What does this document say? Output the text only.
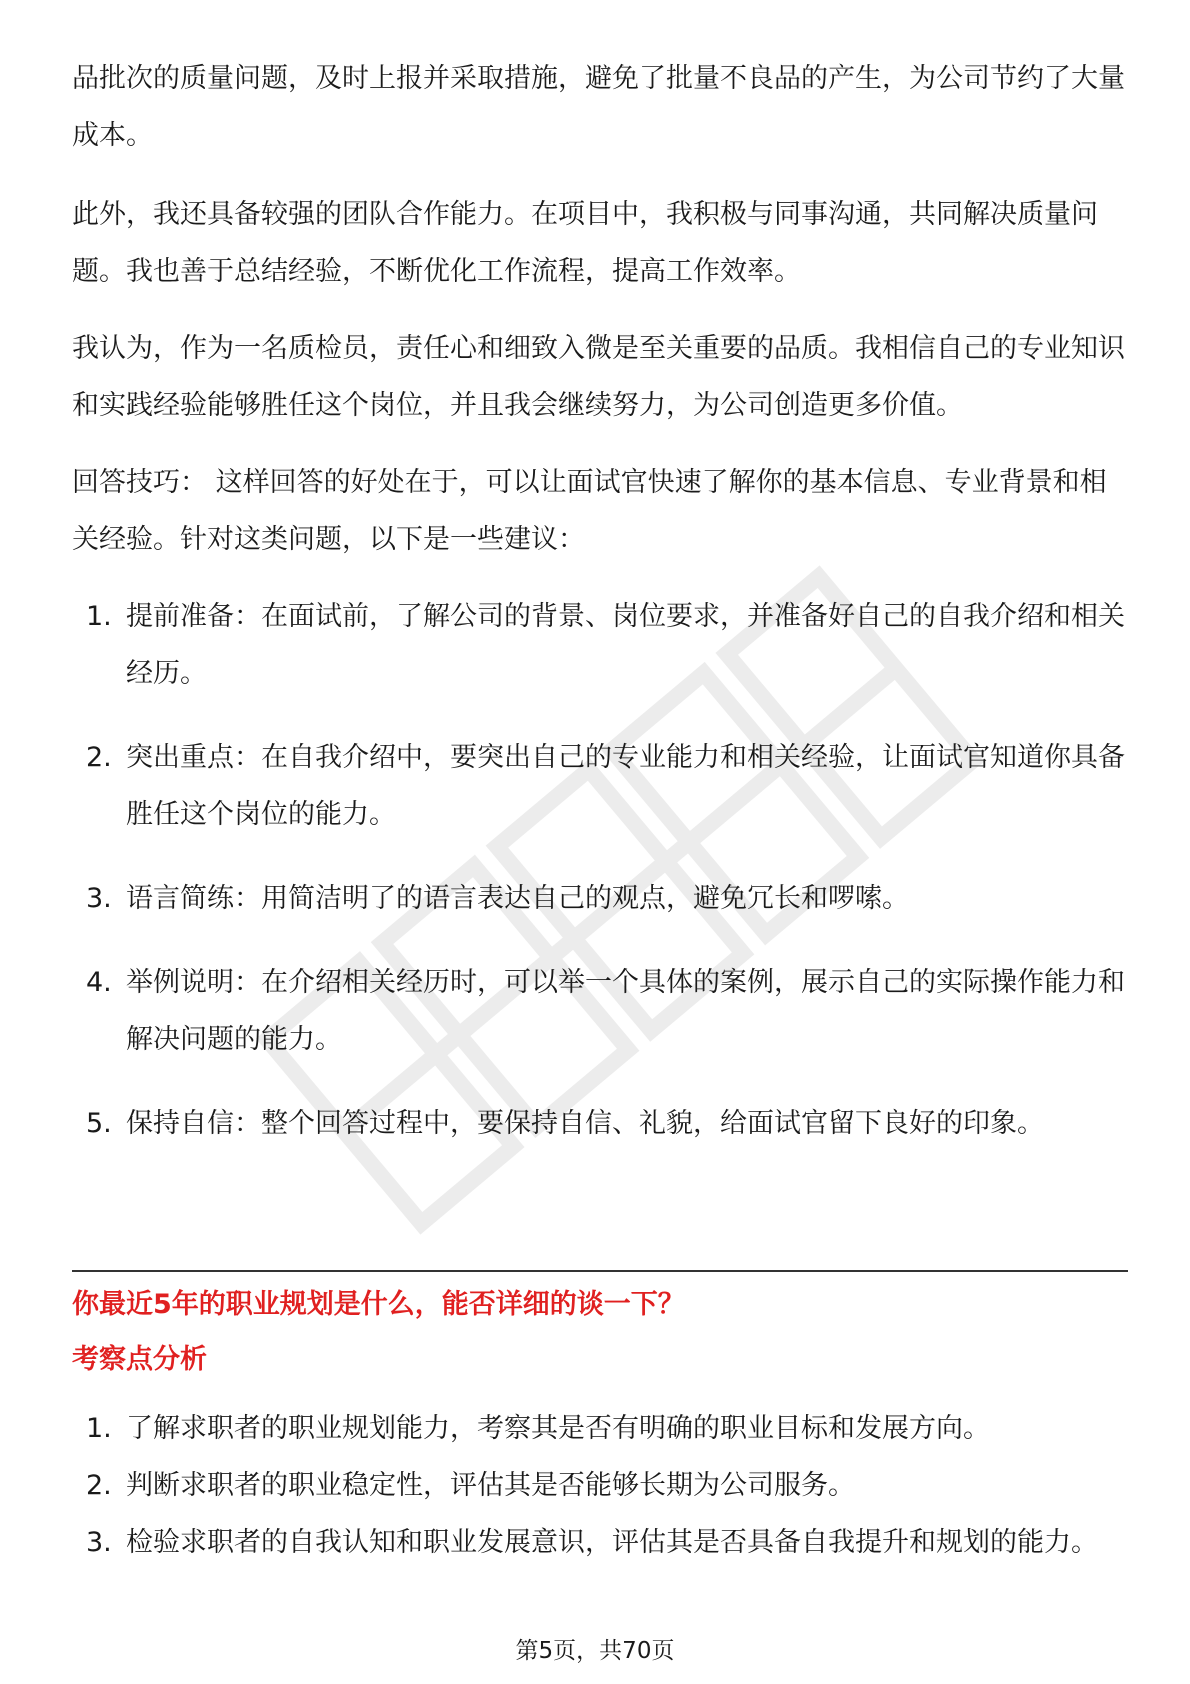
品批次的质量问题，及时上报并采取措施，避免了批量不良品的产生，为公司节约了大量成本。

此外，我还具备较强的团队合作能力。在项目中，我积极与同事沟通，共同解决质量问题。我也善于总结经验，不断优化工作流程，提高工作效率。

我认为，作为一名质检员，责任心和细致入微是至关重要的品质。我相信自己的专业知识和实践经验能够胜任这个岗位，并且我会继续努力，为公司创造更多价值。

回答技巧： 这样回答的好处在于，可以让面试官快速了解你的基本信息、专业背景和相关经验。针对这类问题，以下是一些建议：

1. 提前准备：在面试前，了解公司的背景、岗位要求，并准备好自己的自我介绍和相关经历。
2. 突出重点：在自我介绍中，要突出自己的专业能力和相关经验，让面试官知道你具备胜任这个岗位的能力。
3. 语言简练：用简洁明了的语言表达自己的观点，避免冗长和啰嗦。
4. 举例说明：在介绍相关经历时，可以举一个具体的案例，展示自己的实际操作能力和解决问题的能力。
5. 保持自信：整个回答过程中，要保持自信、礼貌，给面试官留下良好的印象。
你最近5年的职业规划是什么，能否详细的谈一下？
考察点分析
1. 了解求职者的职业规划能力，考察其是否有明确的职业目标和发展方向。
2. 判断求职者的职业稳定性，评估其是否能够长期为公司服务。
3. 检验求职者的自我认知和职业发展意识，评估其是否具备自我提升和规划的能力。
第5页，共70页
